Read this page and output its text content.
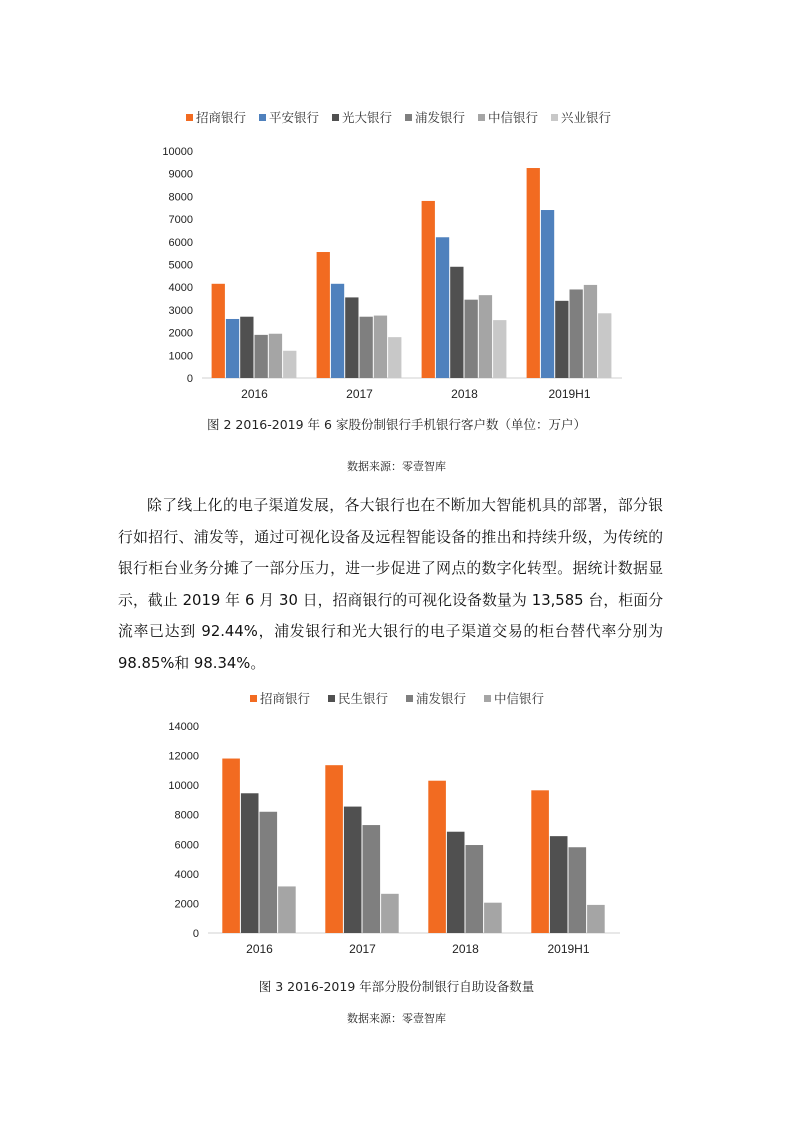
招商银行 平安银行 光大银行 浦发银行 中信银行 兴业银行
0
1000
2000
3000
4000
5000
6000
7000
8000
9000
10000
2016	2017	2018	2019H1
图 2 2016-2019 年 6 家股份制银行手机银行客户数（单位：万户）
数据来源：零壹智库

除了线上化的电子渠道发展，各大银行也在不断加大智能机具的部署，部分银行如招行、浦发等，通过可视化设备及远程智能设备的推出和持续升级，为传统的银行柜台业务分摊了一部分压力，进一步促进了网点的数字化转型。据统计数据显示，截止 2019 年 6 月 30 日，招商银行的可视化设备数量为 13,585 台，柜面分流率已达到 92.44%，浦发银行和光大银行的电子渠道交易的柜台替代率分别为 98.85%和 98.34%。

招商银行 民生银行 浦发银行 中信银行
0
2000
4000
6000
8000
10000
12000
14000
2016	2017	2018	2019H1
图 3 2016-2019 年部分股份制银行自助设备数量
数据来源：零壹智库
